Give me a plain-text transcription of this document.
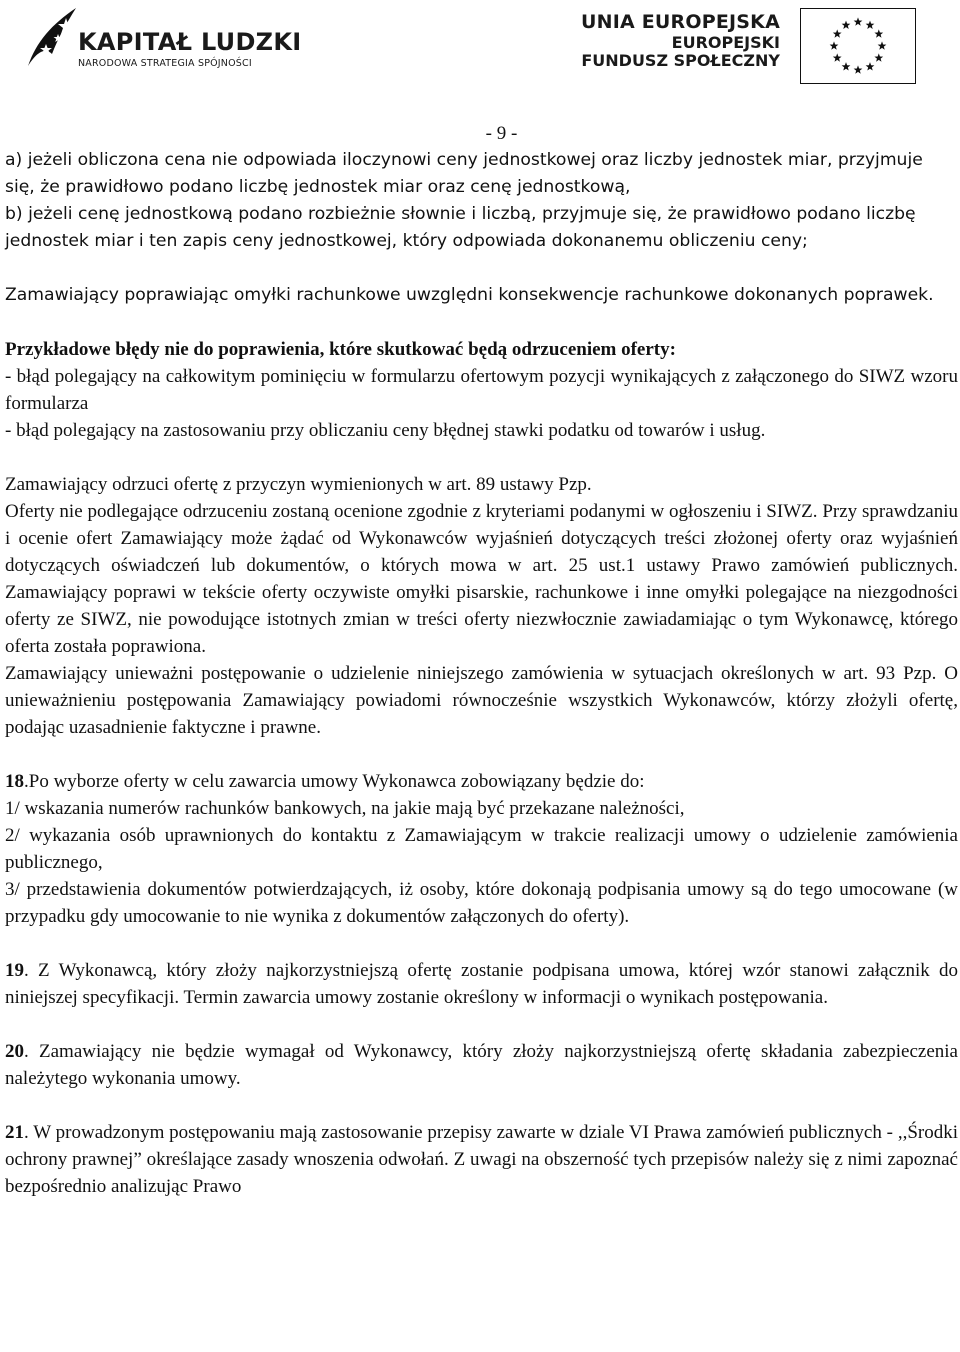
KAPITAŁ LUDZKI
NARODOWA STRATEGIA SPÓJNOŚCI
UNIA EUROPEJSKA
EUROPEJSKI
FUNDUSZ SPOŁECZNY

- 9 -

a) jeżeli obliczona cena nie odpowiada iloczynowi ceny jednostkowej oraz liczby jednostek miar, przyjmuje się, że prawidłowo podano liczbę jednostek miar oraz cenę jednostkową,

b) jeżeli cenę jednostkową podano rozbieżnie słownie i liczbą, przyjmuje się, że prawidłowo podano liczbę jednostek miar i ten zapis ceny jednostkowej, który odpowiada dokonanemu obliczeniu ceny;

Zamawiający poprawiając omyłki rachunkowe uwzględni konsekwencje rachunkowe dokonanych poprawek.

Przykładowe błędy nie do poprawienia, które skutkować będą odrzuceniem oferty:

- błąd polegający na całkowitym pominięciu w formularzu ofertowym pozycji wynikających z załączonego do SIWZ wzoru formularza

- błąd polegający na zastosowaniu przy obliczaniu ceny błędnej stawki podatku od towarów i usług.

Zamawiający odrzuci ofertę z przyczyn wymienionych w art. 89 ustawy Pzp.

Oferty nie podlegające odrzuceniu zostaną ocenione zgodnie z kryteriami podanymi w ogłoszeniu i SIWZ. Przy sprawdzaniu i ocenie ofert Zamawiający może żądać od Wykonawców wyjaśnień dotyczących treści złożonej oferty oraz wyjaśnień dotyczących oświadczeń lub dokumentów, o których mowa w art. 25 ust.1 ustawy Prawo zamówień publicznych. Zamawiający poprawi w tekście oferty oczywiste omyłki pisarskie, rachunkowe i inne omyłki polegające na niezgodności oferty ze SIWZ, nie powodujące istotnych zmian w treści oferty niezwłocznie zawiadamiając o tym Wykonawcę, którego oferta została poprawiona.

Zamawiający unieważni postępowanie o udzielenie niniejszego zamówienia w sytuacjach określonych w art. 93 Pzp. O unieważnieniu postępowania Zamawiający powiadomi równocześnie wszystkich Wykonawców, którzy złożyli ofertę, podając uzasadnienie faktyczne i prawne.

18.Po wyborze oferty w celu zawarcia umowy Wykonawca zobowiązany będzie do:

1/ wskazania numerów rachunków bankowych, na jakie mają być przekazane należności,

2/ wykazania osób uprawnionych do kontaktu z Zamawiającym w trakcie realizacji umowy o udzielenie zamówienia publicznego,

3/ przedstawienia dokumentów potwierdzających, iż osoby, które dokonają podpisania umowy są do tego umocowane (w przypadku gdy umocowanie to nie wynika z dokumentów załączonych do oferty).

19. Z Wykonawcą, który złoży najkorzystniejszą ofertę zostanie podpisana umowa, której wzór stanowi załącznik do niniejszej specyfikacji. Termin zawarcia umowy zostanie określony w informacji o wynikach postępowania.

20. Zamawiający nie będzie wymagał od Wykonawcy, który złoży najkorzystniejszą ofertę składania zabezpieczenia należytego wykonania umowy.

21. W prowadzonym postępowaniu mają zastosowanie przepisy zawarte w dziale VI Prawa zamówień publicznych - ,,Środki ochrony prawnej” określające zasady wnoszenia odwołań. Z uwagi na obszerność tych przepisów należy się z nimi zapoznać bezpośrednio analizując Prawo
